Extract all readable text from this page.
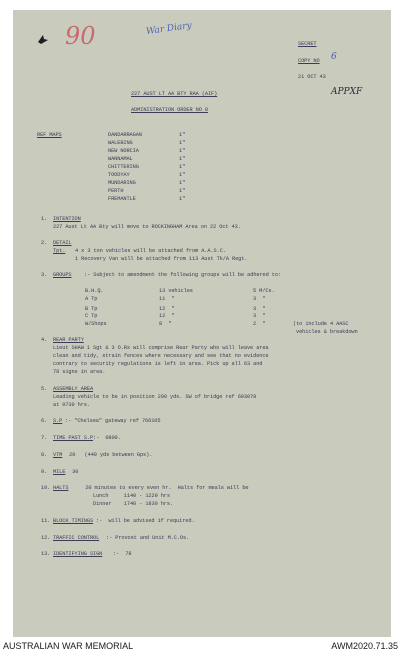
90	War Diary
APPXF
SECRET
COPY NO 6
21 OCT 43
227 AUST LT AA BTY RAA (AIF)
ADMINISTRATION ORDER NO 8
REF MAPS	DANDARRAGAN	1"
WALEBING	1"
NEW NORCIA	1"
WANNAMAL	1"
CHITTERING	1"
TOODYAY	1"
MUNDARING	1"
PERTH	1"
FREMANTLE	1"
1. INTENTION
227 Aust Lt AA Bty will move to ROCKINGHAM Area on 22 Oct 43.
2. DETAIL
Tpt. 4 x 3 ton vehicles will be attached from A.A.S.C.
1 Recovery Van will be attached from 113 Aust Tk/A Regt.
3. GROUPS :- Subject to amendment the following groups will be adhered to:
B.H.Q.	13 vehicles	5 M/Cs.
A Tp	11  "	3  "
B Tp	12  "	3  "
C Tp	12  "	3  "
W/Shops	8  "	2  "	(to include 4 AASC
vehicles & breakdown
4. REAR PARTY
Lieut SHAW 1 Sgt & 3 O.Rs will comprise Rear Party who will leave area
clean and tidy, strain fences where necessary and see that no evidence
contrary to security regulations is left in area. Pick up all 63 and
78 signs in area.
5. ASSEMBLY AREA
Leading vehicle to be in position 200 yds. SW of bridge ref 693078
at 0730 hrs.
6. S.P :- "Chelsea" gateway ref 766105
7. TIME PAST S.P :-  0800.
8. VTM 20   (440 yds between Gps).
9. MILE 30
10. HALTS 20 minutes to every even hr.  Halts for meals will be
Lunch     1140 - 1220 hrs
Dinner    1740 - 1830 hrs.
11. BLOCK TIMINGS :-  will be advised if required.
12. TRAFFIC CONTROL :- Provost and Unit M.C.Os.
13. IDENTIFYING SIGN :-  78
AUSTRALIAN WAR MEMORIAL	AWM2020.71.35
